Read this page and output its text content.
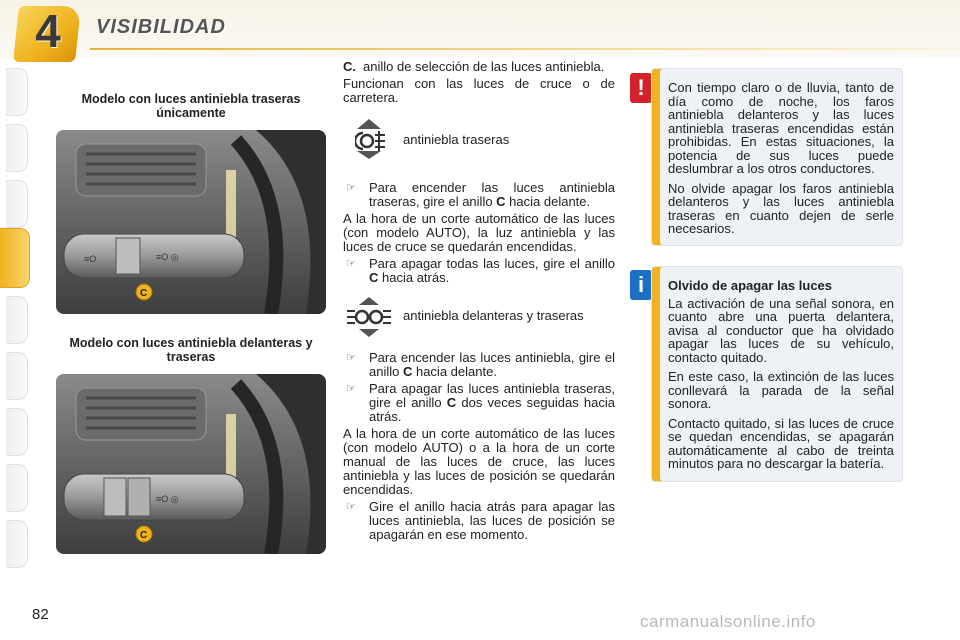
4	VISIBILIDAD
82
Modelo con luces antiniebla traseras únicamente
≡O ◎
≡O
C
Modelo con luces antiniebla delanteras y traseras
≡O ◎
C

C. anillo de selección de las luces antiniebla.

Funcionan con las luces de cruce o de carretera.

antiniebla traseras

☞ Para encender las luces antiniebla traseras, gire el anillo C hacia delante.

A la hora de un corte automático de las luces (con modelo AUTO), la luz antiniebla y las luces de cruce se quedarán encendidas.

☞ Para apagar todas las luces, gire el anillo C hacia atrás.

antiniebla delanteras y traseras

☞ Para encender las luces antiniebla, gire el anillo C hacia delante.

☞ Para apagar las luces antiniebla traseras, gire el anillo C dos veces seguidas hacia atrás.

A la hora de un corte automático de las luces (con modelo AUTO) o a la hora de un corte manual de las luces de cruce, las luces antiniebla y las luces de posición se quedarán encendidas.

☞ Gire el anillo hacia atrás para apagar las luces antiniebla, las luces de posición se apagarán en ese momento.

!	Con tiempo claro o de lluvia, tanto de día como de noche, los faros antiniebla delanteros y las luces antiniebla traseras encendidas están prohibidas. En estas situaciones, la potencia de sus luces puede deslumbrar a los otros conductores.

No olvide apagar los faros antiniebla delanteros y las luces antiniebla traseras en cuanto dejen de serle necesarios.

i	Olvido de apagar las luces

La activación de una señal sonora, en cuanto abre una puerta delantera, avisa al conductor que ha olvidado apagar las luces de su vehículo, contacto quitado.

En este caso, la extinción de las luces conllevará la parada de la señal sonora.

Contacto quitado, si las luces de cruce se quedan encendidas, se apagarán automáticamente al cabo de treinta minutos para no descargar la batería.

carmanualsonline.info
